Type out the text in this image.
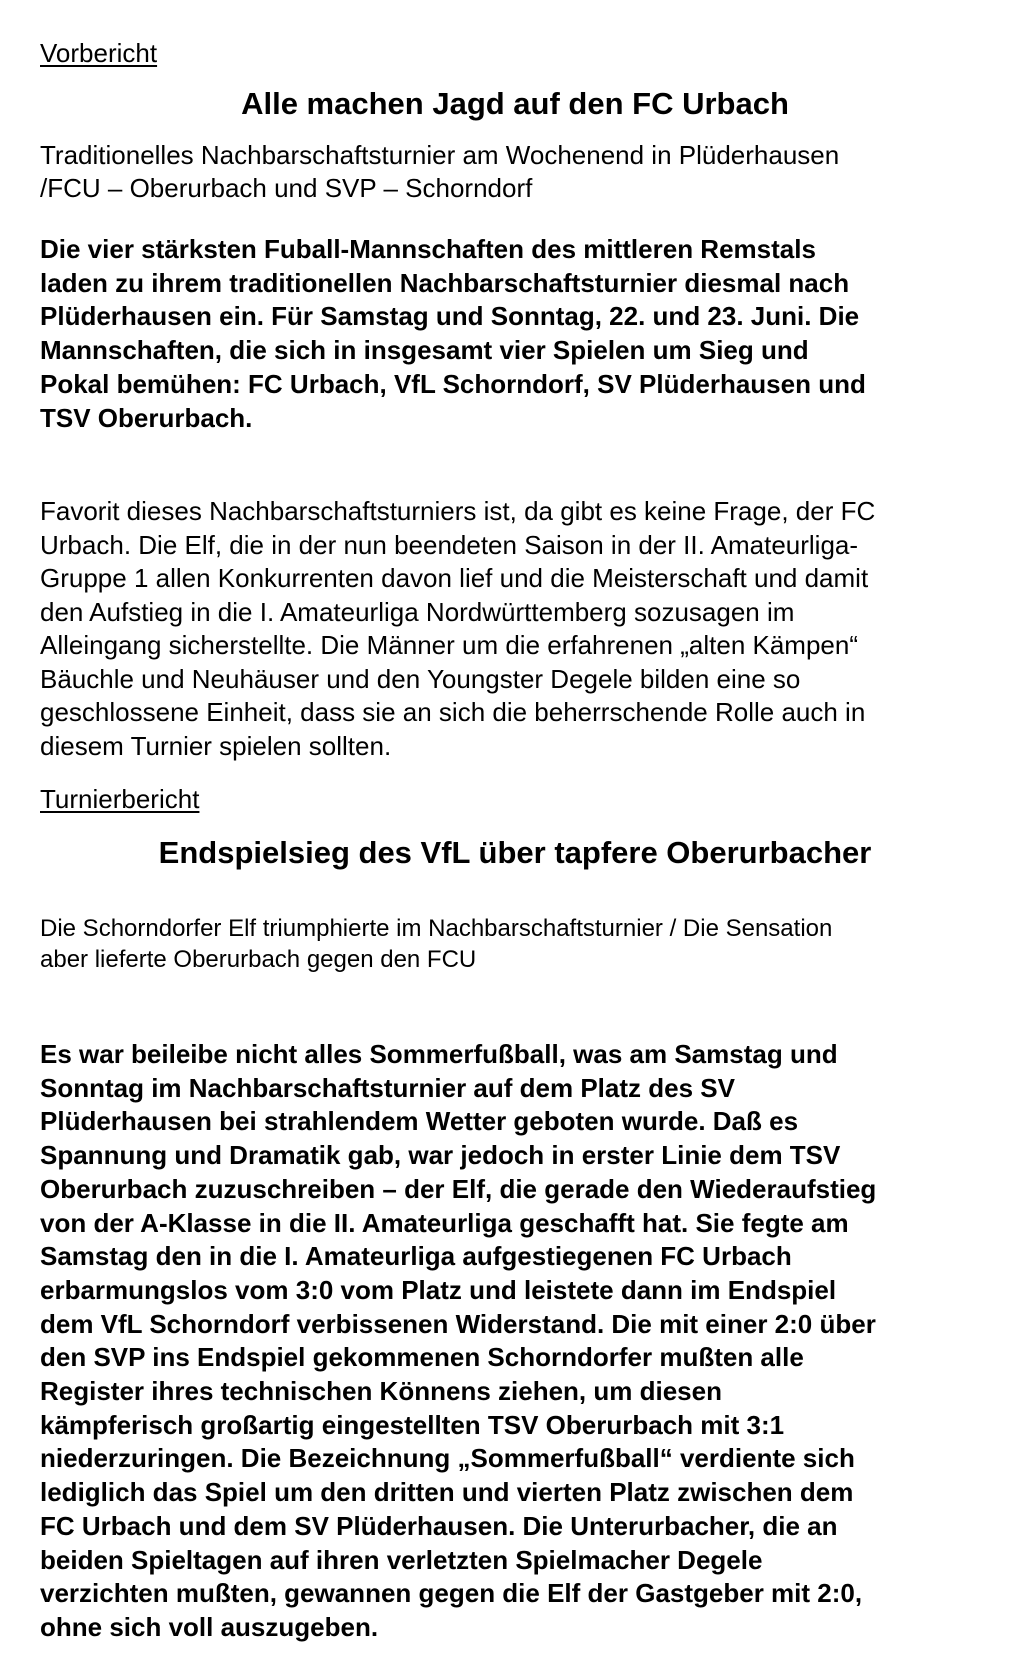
Vorbericht

Alle machen Jagd auf den FC Urbach
Traditionelles Nachbarschaftsturnier am Wochenend in Plüderhausen
/FCU – Oberurbach und SVP – Schorndorf
Die vier stärksten Fuball-Mannschaften des mittleren Remstals
laden zu ihrem traditionellen Nachbarschaftsturnier diesmal nach
Plüderhausen ein. Für Samstag und Sonntag, 22. und 23. Juni. Die
Mannschaften, die sich in insgesamt vier Spielen um Sieg und
Pokal bemühen: FC Urbach, VfL Schorndorf, SV Plüderhausen und
TSV Oberurbach.
Favorit dieses Nachbarschaftsturniers ist, da gibt es keine Frage, der FC
Urbach. Die Elf, die in der nun beendeten Saison in der II. Amateurliga-
Gruppe 1 allen Konkurrenten davon lief und die Meisterschaft und damit
den Aufstieg in die I. Amateurliga Nordwürttemberg sozusagen im
Alleingang sicherstellte. Die Männer um die erfahrenen „alten Kämpen“
Bäuchle und Neuhäuser und den Youngster Degele bilden eine so
geschlossene Einheit, dass sie an sich die beherrschende Rolle auch in
diesem Turnier spielen sollten.

Turnierbericht

Endspielsieg des VfL über tapfere Oberurbacher
Die Schorndorfer Elf triumphierte im Nachbarschaftsturnier / Die Sensation
aber lieferte Oberurbach gegen den FCU
Es war beileibe nicht alles Sommerfußball, was am Samstag und
Sonntag im Nachbarschaftsturnier auf dem Platz des SV
Plüderhausen bei strahlendem Wetter geboten wurde. Daß es
Spannung und Dramatik gab, war jedoch in erster Linie dem TSV
Oberurbach zuzuschreiben – der Elf, die gerade den Wiederaufstieg
von der A-Klasse in die II. Amateurliga geschafft hat. Sie fegte am
Samstag den in die I. Amateurliga aufgestiegenen FC Urbach
erbarmungslos vom 3:0 vom Platz und leistete dann im Endspiel
dem VfL Schorndorf verbissenen Widerstand. Die mit einer 2:0 über
den SVP ins Endspiel gekommenen Schorndorfer mußten alle
Register ihres technischen Könnens ziehen, um diesen
kämpferisch großartig eingestellten TSV Oberurbach mit 3:1
niederzuringen. Die Bezeichnung „Sommerfußball“ verdiente sich
lediglich das Spiel um den dritten und vierten Platz zwischen dem
FC Urbach und dem SV Plüderhausen. Die Unterurbacher, die an
beiden Spieltagen auf ihren verletzten Spielmacher Degele
verzichten mußten, gewannen gegen die Elf der Gastgeber mit 2:0,
ohne sich voll auszugeben.
